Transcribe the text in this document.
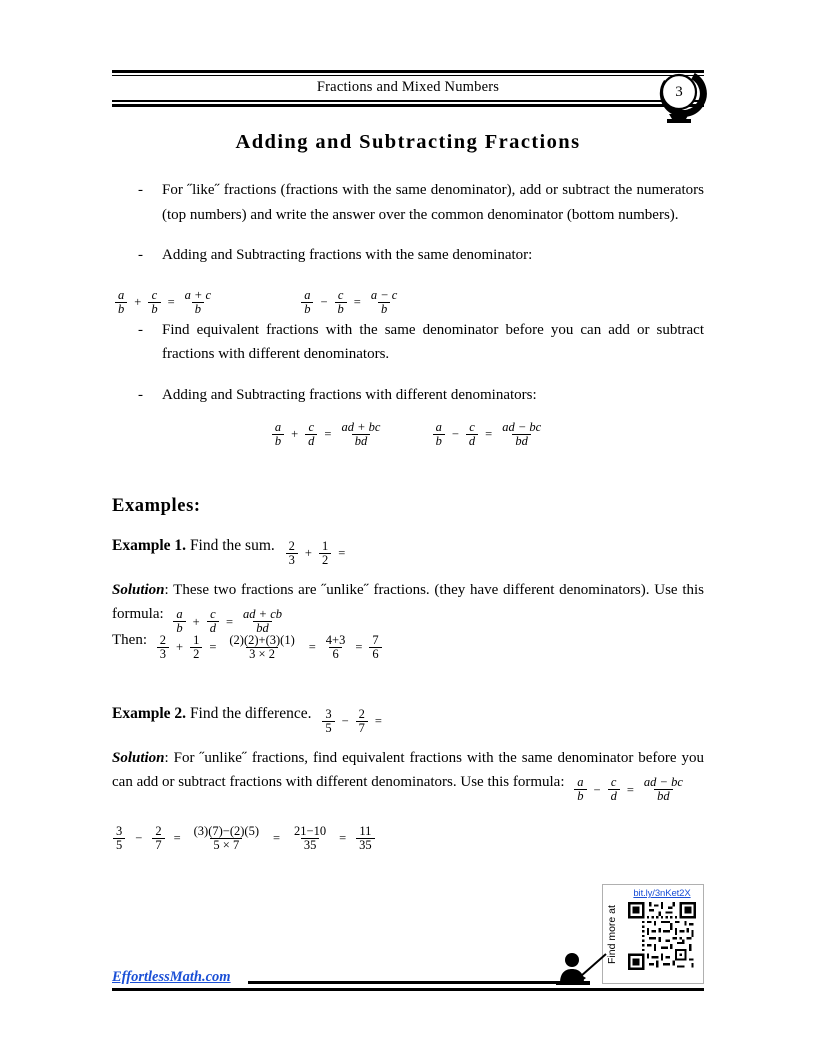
Fractions and Mixed Numbers	3
Adding and Subtracting Fractions
-	For ˝like˝ fractions (fractions with the same denominator), add or subtract the numerators (top numbers) and write the answer over the common denominator (bottom numbers).
-	Adding and Subtracting fractions with the same denominator:
-	Find equivalent fractions with the same denominator before you can add or subtract fractions with different denominators.
-	Adding and Subtracting fractions with different denominators:
$\frac{a}{b} + \frac{c}{b} = \frac{a + c}{b}$
	$\frac{a}{b} - \frac{c}{b} = \frac{a - c}{b}$
$\frac{a}{b} + \frac{c}{d} = \frac{ad + bc}{bd}$
	$\frac{a}{b} - \frac{c}{d} = \frac{ad - bc}{bd}$
Examples:
Example 1. Find the sum. $\frac{2}{3} + \frac{1}{2}$ =
Solution: These two fractions are ˝unlike˝ fractions. (they have different denominators). Use this formula: $\frac{a}{b} + \frac{c}{d} = \frac{ad + cb}{bd}$
Then: $\frac{2}{3} + \frac{1}{2} = \frac{(2)(2)+(3)(1)}{3 \times 2} = \frac{4+3}{6} = \frac{7}{6}$
Example 2. Find the difference. $\frac{3}{5} - \frac{2}{7}$ =
Solution: For ˝unlike˝ fractions, find equivalent fractions with the same denominator before you can add or subtract fractions with different denominators. Use this formula: $\frac{a}{b} - \frac{c}{d} = \frac{ad - bc}{bd}$
$\frac{3}{5} - \frac{2}{7} = \frac{(3)(7)-(2)(5)}{5 \times 7} = \frac{21-10}{35} = \frac{11}{35}$
Find more at
bit.ly/3nKet2X
EffortlessMath.com
